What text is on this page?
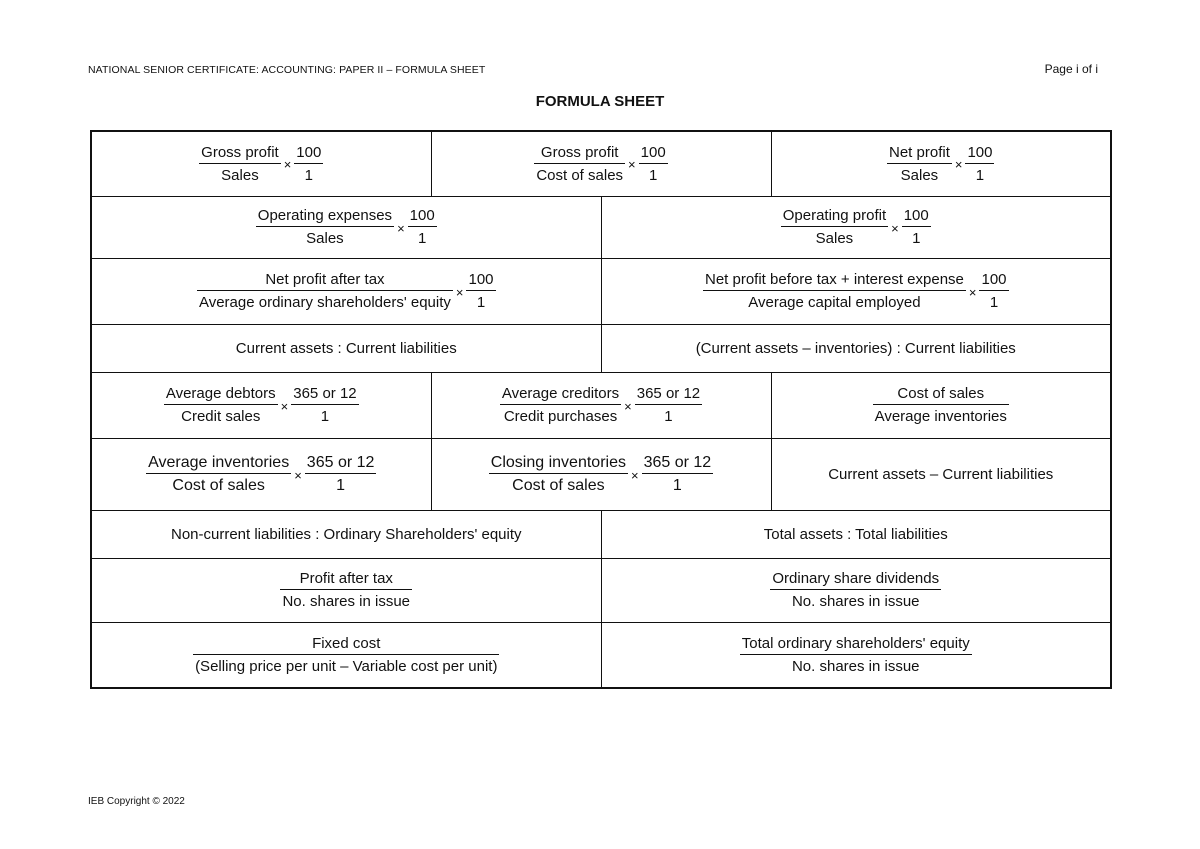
NATIONAL SENIOR CERTIFICATE: ACCOUNTING: PAPER II – FORMULA SHEET	Page i of i
FORMULA SHEET
$\frac{\text{Gross profit}}{\text{Sales}} \times \frac{100}{1}$	$\frac{\text{Gross profit}}{\text{Cost of sales}} \times \frac{100}{1}$		$\frac{\text{Net profit}}{\text{Sales}} \times \frac{100}{1}$

$\frac{\text{Operating expenses}}{\text{Sales}} \times \frac{100}{1}$		$\frac{\text{Operating profit}}{\text{Sales}} \times \frac{100}{1}$

$\frac{\text{Net profit after tax}}{\text{Average ordinary shareholders' equity}} \times \frac{100}{1}$		$\frac{\text{Net profit before tax + interest expense}}{\text{Average capital employed}} \times \frac{100}{1}$

Current assets : Current liabilities		(Current assets – inventories) : Current liabilities	

$\frac{\text{Average debtors}}{\text{Credit sales}} \times \frac{365 or 12}{1}$	$\frac{\text{Average creditors}}{\text{Credit purchases}} \times \frac{365 or 12}{1}$		$\frac{\text{Cost of sales}}{\text{Average inventories}}$

$\frac{\text{Average inventories}}{\text{Cost of sales}} \times \frac{365 or 12}{1}$	$\frac{\text{Closing inventories}}{\text{Cost of sales}} \times \frac{365 or 12}{1}$		Current assets – Current liabilities
Non-current liabilities : Ordinary Shareholders' equity		Total assets : Total liabilities	

$\frac{\text{Profit after tax}}{\text{No. shares in issue}}$		$\frac{\text{Ordinary share dividends}}{\text{No. shares in issue}}$

$\frac{\text{Fixed cost}}{\text{(Selling price per unit – Variable cost per unit)}}$		$\frac{\text{Total ordinary shareholders' equity}}{\text{No. shares in issue}}$
IEB Copyright © 2022
